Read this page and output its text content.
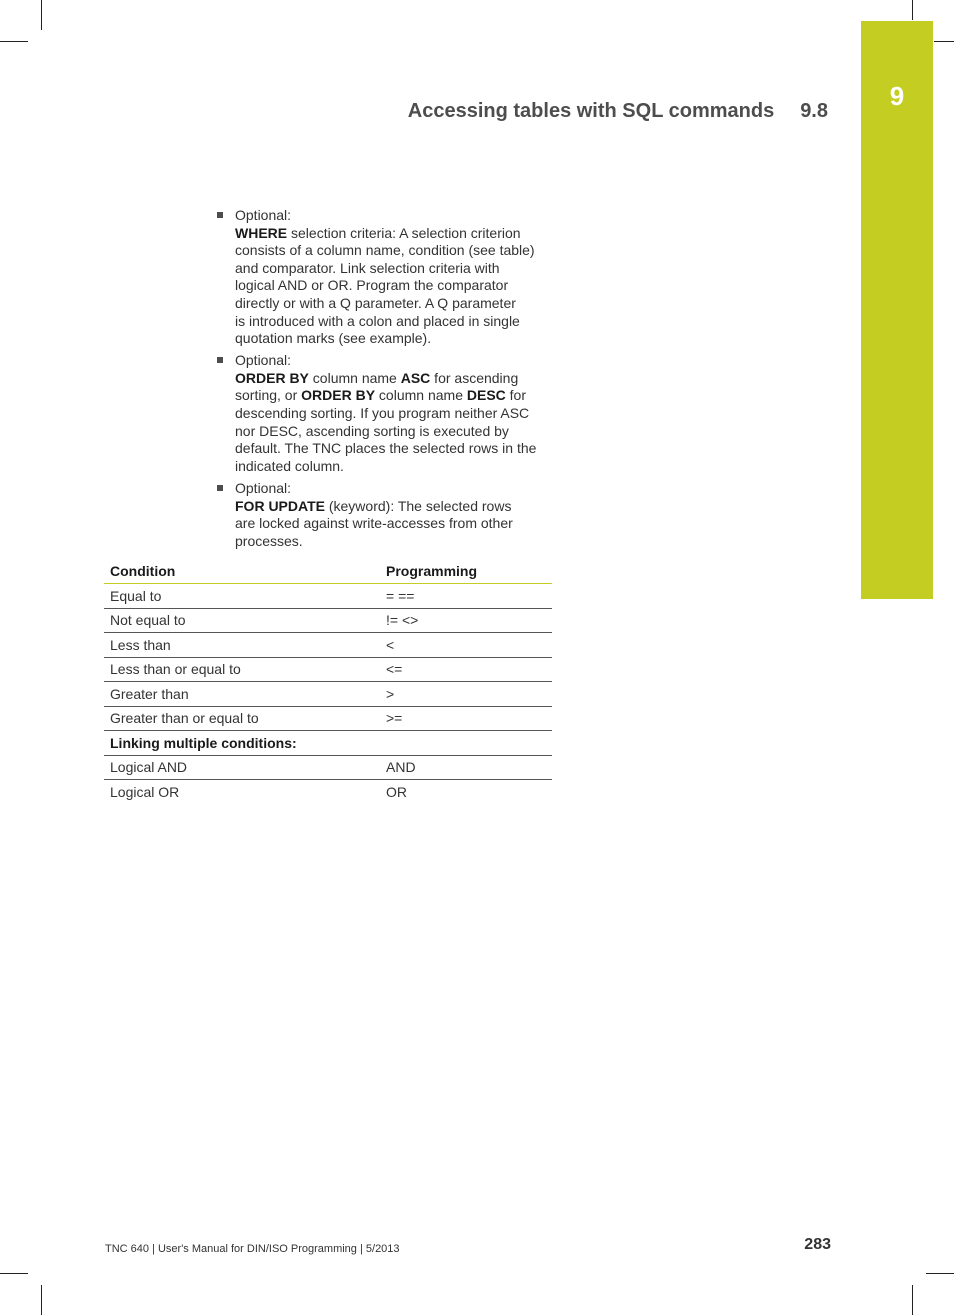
9
Accessing tables with SQL commands 9.8
Optional:
WHERE selection criteria: A selection criterion
consists of a column name, condition (see table)
and comparator. Link selection criteria with
logical AND or OR. Program the comparator
directly or with a Q parameter. A Q parameter
is introduced with a colon and placed in single
quotation marks (see example).
Optional:
ORDER BY column name ASC for ascending
sorting, or ORDER BY column name DESC for
descending sorting. If you program neither ASC
nor DESC, ascending sorting is executed by
default. The TNC places the selected rows in the
indicated column.
Optional:
FOR UPDATE (keyword): The selected rows
are locked against write-accesses from other
processes.
Condition	Programming
Equal to	= ==
Not equal to	!= <>
Less than	<
Less than or equal to	<=
Greater than	>
Greater than or equal to	>=
Linking multiple conditions:	
Logical AND	AND
Logical OR	OR
TNC 640 | User's Manual for DIN/ISO Programming | 5/2013	283
